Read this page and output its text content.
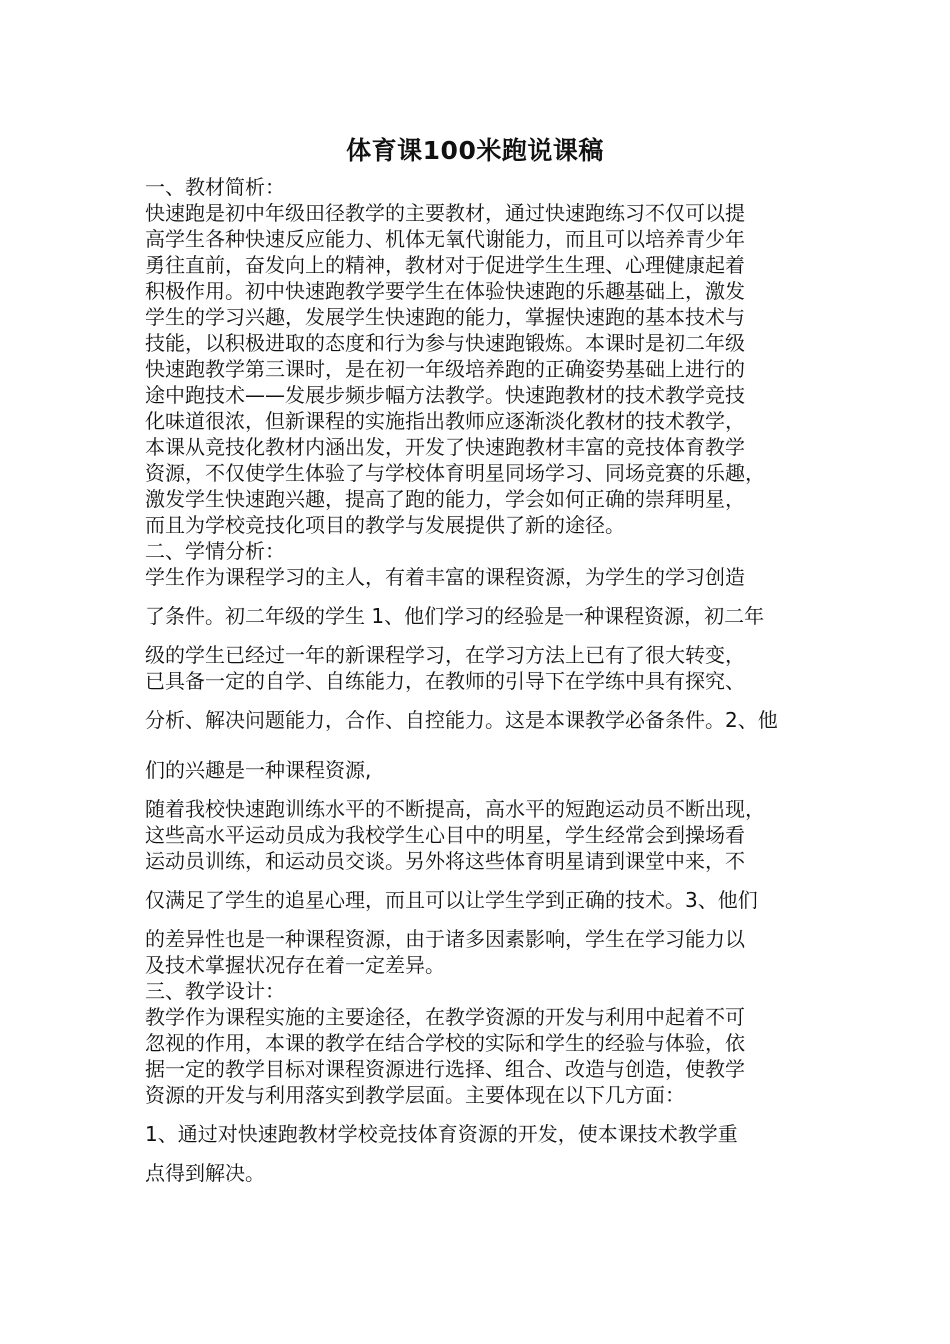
体育课100米跑说课稿
一、教材简析：
快速跑是初中年级田径教学的主要教材，通过快速跑练习不仅可以提
高学生各种快速反应能力、机体无氧代谢能力，而且可以培养青少年
勇往直前，奋发向上的精神，教材对于促进学生生理、心理健康起着
积极作用。初中快速跑教学要学生在体验快速跑的乐趣基础上，激发
学生的学习兴趣，发展学生快速跑的能力，掌握快速跑的基本技术与
技能，以积极进取的态度和行为参与快速跑锻炼。本课时是初二年级
快速跑教学第三课时，是在初一年级培养跑的正确姿势基础上进行的
途中跑技术——发展步频步幅方法教学。快速跑教材的技术教学竞技
化味道很浓，但新课程的实施指出教师应逐渐淡化教材的技术教学，
本课从竞技化教材内涵出发，开发了快速跑教材丰富的竞技体育教学
资源，不仅使学生体验了与学校体育明星同场学习、同场竞赛的乐趣，
激发学生快速跑兴趣，提高了跑的能力，学会如何正确的崇拜明星，
而且为学校竞技化项目的教学与发展提供了新的途径。
二、学情分析：
学生作为课程学习的主人，有着丰富的课程资源，为学生的学习创造
了条件。初二年级的学生 1、他们学习的经验是一种课程资源，初二年
级的学生已经过一年的新课程学习，在学习方法上已有了很大转变，
已具备一定的自学、自练能力，在教师的引导下在学练中具有探究、
分析、解决问题能力，合作、自控能力。这是本课教学必备条件。2、他
们的兴趣是一种课程资源,
随着我校快速跑训练水平的不断提高，高水平的短跑运动员不断出现，
这些高水平运动员成为我校学生心目中的明星，学生经常会到操场看
运动员训练，和运动员交谈。另外将这些体育明星请到课堂中来，不
仅满足了学生的追星心理，而且可以让学生学到正确的技术。3、他们
的差异性也是一种课程资源，由于诸多因素影响，学生在学习能力以
及技术掌握状况存在着一定差异。
三、教学设计：
教学作为课程实施的主要途径，在教学资源的开发与利用中起着不可
忽视的作用，本课的教学在结合学校的实际和学生的经验与体验，依
据一定的教学目标对课程资源进行选择、组合、改造与创造，使教学
资源的开发与利用落实到教学层面。主要体现在以下几方面：
1、通过对快速跑教材学校竞技体育资源的开发，使本课技术教学重
点得到解决。
